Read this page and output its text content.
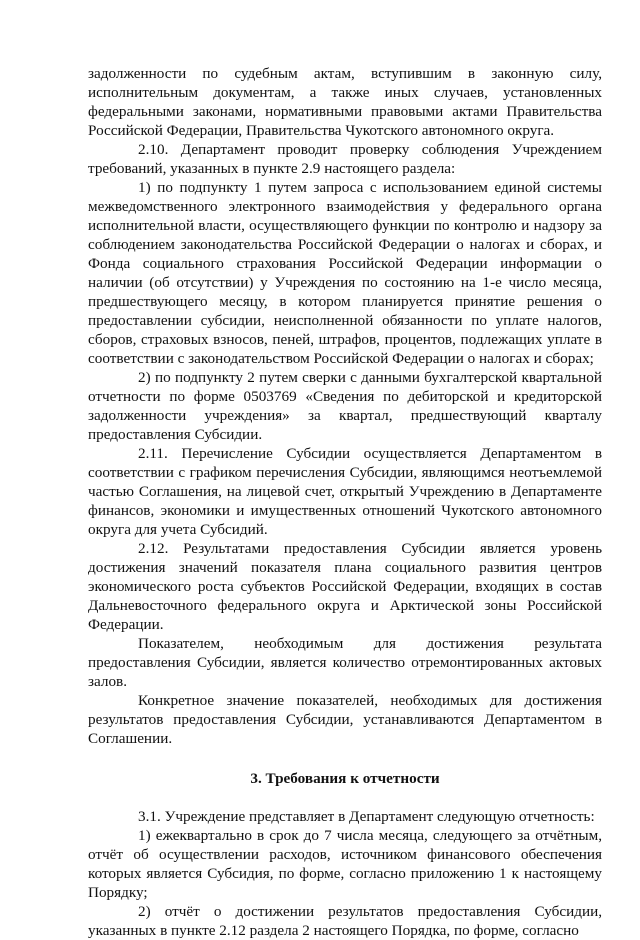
задолженности по судебным актам, вступившим в законную силу, исполнительным документам, а также иных случаев, установленных федеральными законами, нормативными правовыми актами Правительства Российской Федерации, Правительства Чукотского автономного округа.

2.10. Департамент проводит проверку соблюдения Учреждением требований, указанных в пункте 2.9 настоящего раздела:

1) по подпункту 1 путем запроса с использованием единой системы межведомственного электронного взаимодействия у федерального органа исполнительной власти, осуществляющего функции по контролю и надзору за соблюдением законодательства Российской Федерации о налогах и сборах, и Фонда социального страхования Российской Федерации информации о наличии (об отсутствии) у Учреждения по состоянию на 1-е число месяца, предшествующего месяцу, в котором планируется принятие решения о предоставлении субсидии, неисполненной обязанности по уплате налогов, сборов, страховых взносов, пеней, штрафов, процентов, подлежащих уплате в соответствии с законодательством Российской Федерации о налогах и сборах;

2) по подпункту 2 путем сверки с данными бухгалтерской квартальной отчетности по форме 0503769 «Сведения по дебиторской и кредиторской задолженности учреждения» за квартал, предшествующий кварталу предоставления Субсидии.

2.11. Перечисление Субсидии осуществляется Департаментом в соответствии с графиком перечисления Субсидии, являющимся неотъемлемой частью Соглашения, на лицевой счет, открытый Учреждению в Департаменте финансов, экономики и имущественных отношений Чукотского автономного округа для учета Субсидий.

2.12. Результатами предоставления Субсидии является уровень достижения значений показателя плана социального развития центров экономического роста субъектов Российской Федерации, входящих в состав Дальневосточного федерального округа и Арктической зоны Российской Федерации.

Показателем, необходимым для достижения результата предоставления Субсидии, является количество отремонтированных актовых залов.

Конкретное значение показателей, необходимых для достижения результатов предоставления Субсидии, устанавливаются Департаментом в Соглашении.

3. Требования к отчетности

3.1. Учреждение представляет в Департамент следующую отчетность:

1) ежеквартально в срок до 7 числа месяца, следующего за отчётным, отчёт об осуществлении расходов, источником финансового обеспечения которых является Субсидия, по форме, согласно приложению 1 к настоящему Порядку;

2) отчёт о достижении результатов предоставления Субсидии, указанных в пункте 2.12 раздела 2 настоящего Порядка, по форме, согласно
